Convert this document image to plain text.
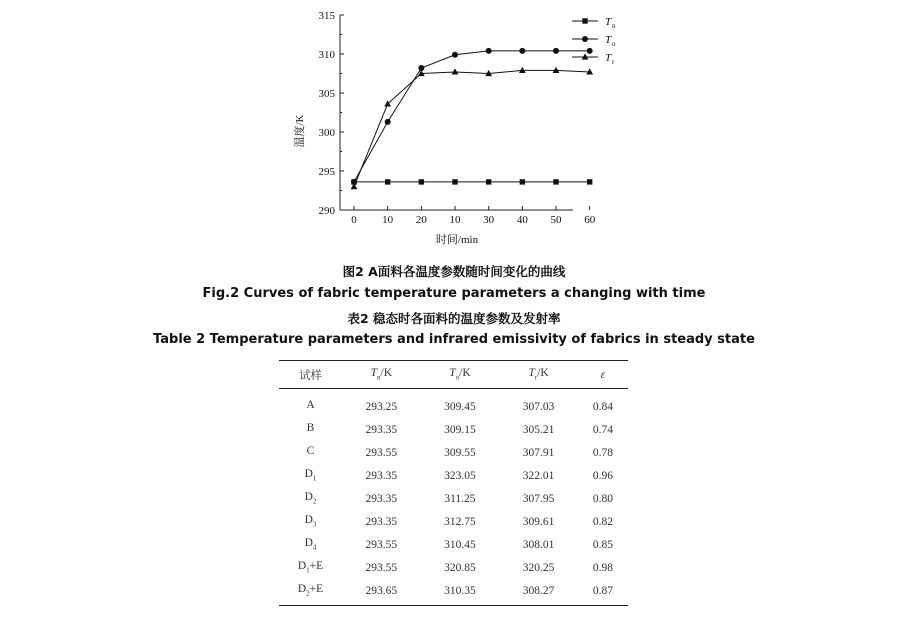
290
295
300
305
310
315
0 10 20 10 30 40 50 60
T n
T o
T r
时间/min
温度/K
图2 A面料各温度参数随时间变化的曲线
Fig.2 Curves of fabric temperature parameters a changing with time
表2 稳态时各面料的温度参数及发射率
Table 2 Temperature parameters and infrared emissivity of fabrics in steady state
试样	$T_n/K$	$T_o/K$	$T_r/K$	ε
A	293.25	309.45	307.03	0.84
B	293.35	309.15	305.21	0.74
C	293.55	309.55	307.91	0.78
$D_1$	293.35	323.05	322.01	0.96
$D_2$	293.35	311.25	307.95	0.80
$D_3$	293.35	312.75	309.61	0.82
$D_4$	293.55	310.45	308.01	0.85
$D_1+E$	293.55	320.85	320.25	0.98
$D_2+E$	293.65	310.35	308.27	0.87
